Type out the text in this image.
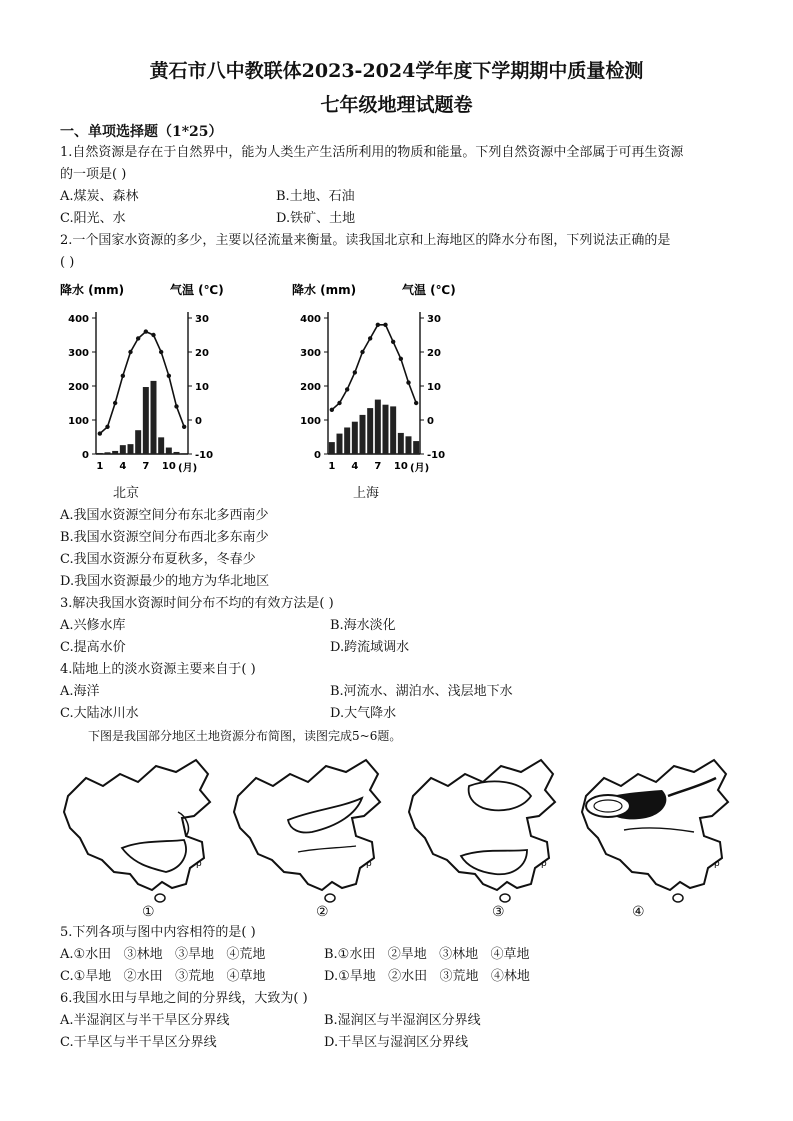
黄石市八中教联体2023-2024学年度下学期期中质量检测
七年级地理试题卷
一、单项选择题（1*25）
1.自然资源是存在于自然界中，能为人类生产生活所利用的物质和能量。下列自然资源中全部属于可再生资源
的一项是( )
A.煤炭、森林	B.土地、石油
C.阳光、水	D.铁矿、土地
2.一个国家水资源的多少，主要以径流量来衡量。读我国北京和上海地区的降水分布图，下列说法正确的是
( )
降水 (mm)	气温 (℃)
0
100
200
300
400
-10
0
10
20
30
1 4 7 10 (月)
降水 (mm)	气温 (℃)
0
100
200
300
400
-10
0
10
20
30
1 4 7 10 (月)
北京	上海
A.我国水资源空间分布东北多西南少
B.我国水资源空间分布西北多东南少
C.我国水资源分布夏秋多，冬春少
D.我国水资源最少的地方为华北地区
3.解决我国水资源时间分布不均的有效方法是( )
A.兴修水库	B.海水淡化
C.提高水价	D.跨流域调水
4.陆地上的淡水资源主要来自于( )
A.海洋	B.河流水、湖泊水、浅层地下水
C.大陆冰川水	D.大气降水
下图是我国部分地区土地资源分布简图，读图完成5~6题。
ρ	ρ	ρ	ρ
①	②	③	④
5.下列各项与图中内容相符的是( )
A.①水田   ③林地   ③旱地   ④荒地	B.①水田   ②旱地   ③林地   ④草地
C.①旱地   ②水田   ③荒地   ④草地	D.①旱地   ②水田   ③荒地   ④林地
6.我国水田与旱地之间的分界线，大致为( )
A.半湿润区与半干旱区分界线	B.湿润区与半湿润区分界线
C.干旱区与半干旱区分界线	D.干旱区与湿润区分界线
